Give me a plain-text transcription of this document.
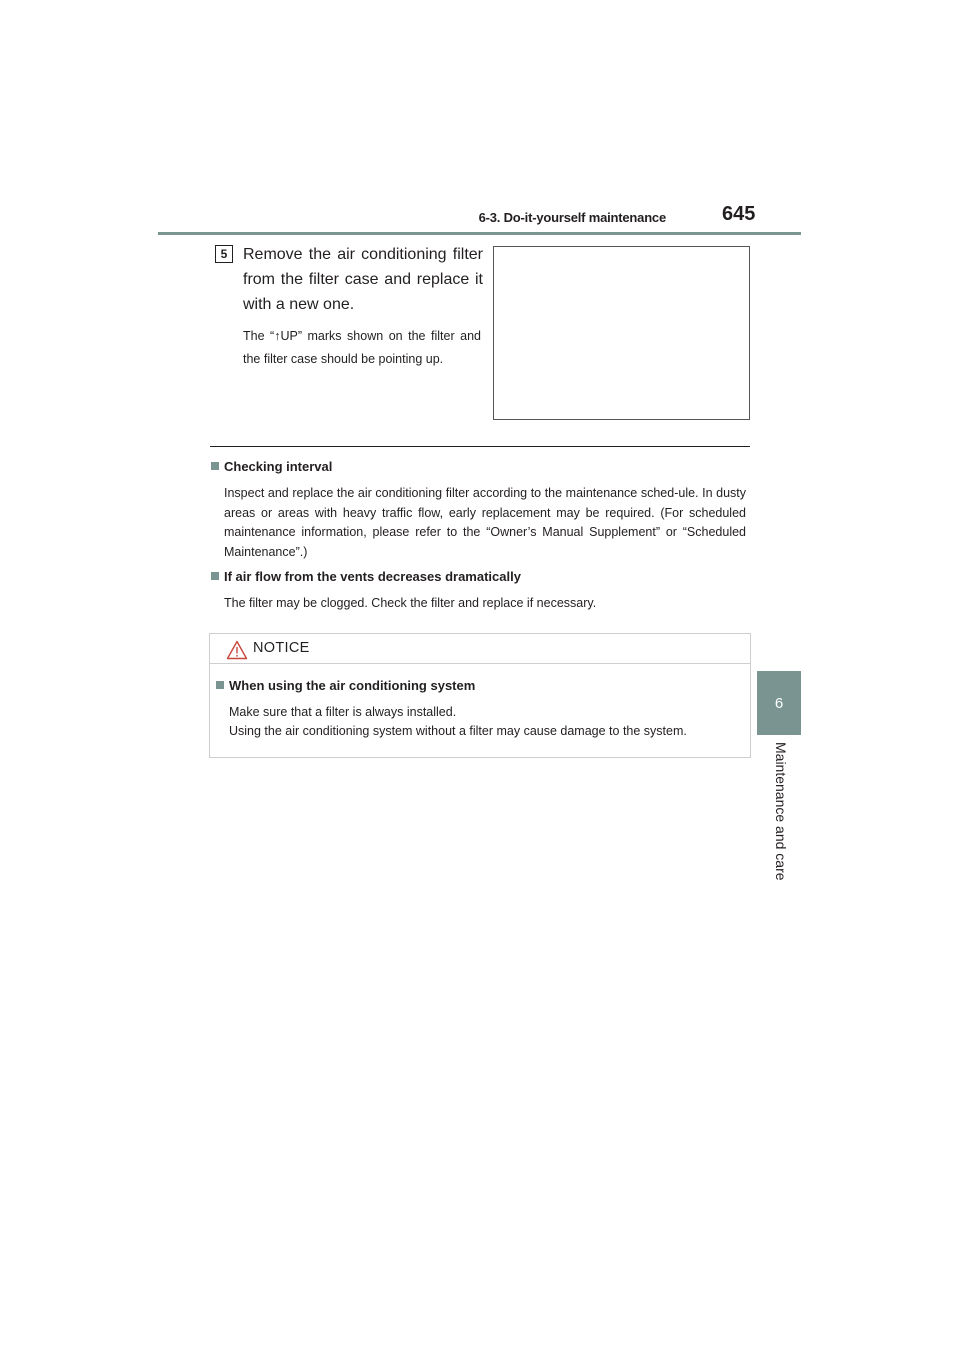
6-3. Do-it-yourself maintenance	645
6
Maintenance and care
5 Remove the air conditioning filter from the filter case and replace it with a new one.
The “↑UP” marks shown on the filter and the filter case should be pointing up.
Checking interval
Inspect and replace the air conditioning filter according to the maintenance sched-ule. In dusty areas or areas with heavy traffic flow, early replacement may be required. (For scheduled maintenance information, please refer to the “Owner’s Manual Supplement” or “Scheduled Maintenance”.)
If air flow from the vents decreases dramatically
The filter may be clogged. Check the filter and replace if necessary.
NOTICE
When using the air conditioning system
Make sure that a filter is always installed.
Using the air conditioning system without a filter may cause damage to the system.
